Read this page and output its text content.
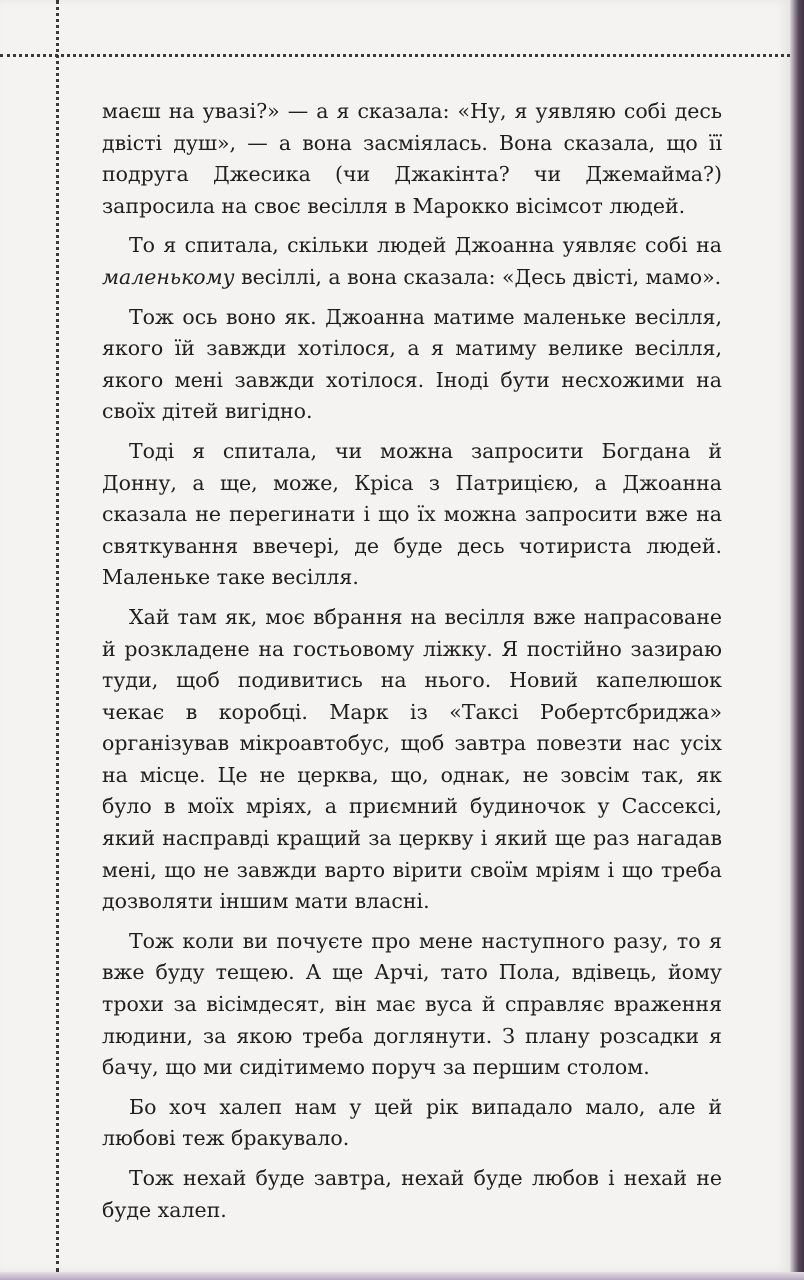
маєш на увазі?» — а я сказала: «Ну, я уявляю собі десь двісті душ», — а вона засміялась. Вона сказала, що її подруга Джесика (чи Джакінта? чи Джемайма?) запросила на своє весілля в Марокко вісімсот людей.

То я спитала, скільки людей Джоанна уявляє собі на маленькому весіллі, а вона сказала: «Десь двісті, мамо».

Тож ось воно як. Джоанна матиме маленьке весілля, якого їй завжди хотілося, а я матиму велике весілля, якого мені завжди хотілося. Іноді бути несхожими на своїх дітей вигідно.

Тоді я спитала, чи можна запросити Богдана й Донну, а ще, може, Кріса з Патрицією, а Джоанна сказала не перегинати і що їх можна запросити вже на святкування ввечері, де буде десь чотириста людей. Маленьке таке весілля.

Хай там як, моє вбрання на весілля вже напрасоване й розкладене на гостьовому ліжку. Я постійно зазираю туди, щоб подивитись на нього. Новий капелюшок чекає в коробці. Марк із «Таксі Робертсбриджа» організував мікроавтобус, щоб завтра повезти нас усіх на місце. Це не церква, що, однак, не зовсім так, як було в моїх мріях, а приємний будиночок у Сассексі, який насправді кращий за церкву і який ще раз нагадав мені, що не завжди варто вірити своїм мріям і що треба дозволяти іншим мати власні.

Тож коли ви почуєте про мене наступного разу, то я вже буду тещею. А ще Арчі, тато Пола, вдівець, йому трохи за вісімдесят, він має вуса й справляє враження людини, за якою треба доглянути. З плану розсадки я бачу, що ми сидітимемо поруч за першим столом.

Бо хоч халеп нам у цей рік випадало мало, але й любові теж бракувало.

Тож нехай буде завтра, нехай буде любов і нехай не буде халеп.
